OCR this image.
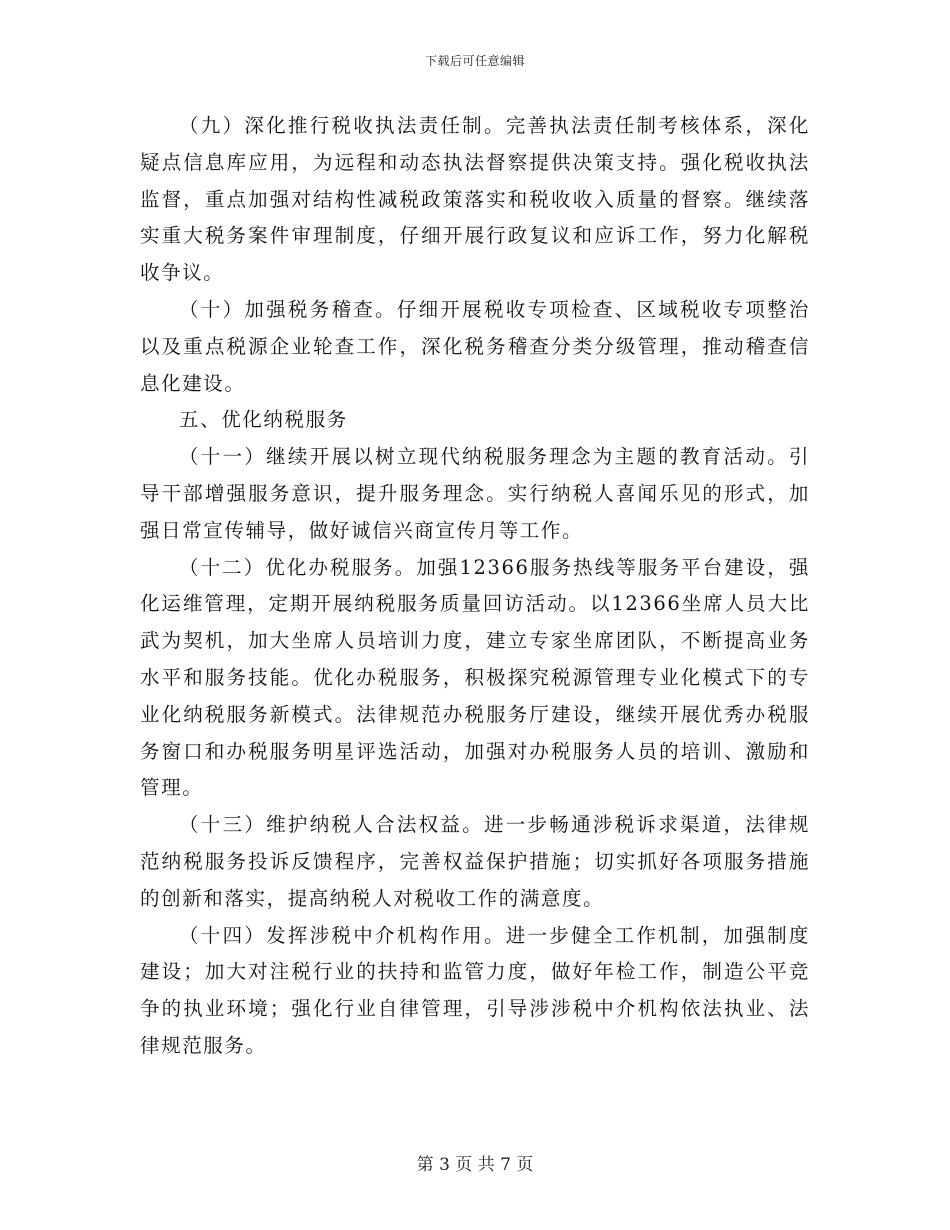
下载后可任意编辑

（九）深化推行税收执法责任制。完善执法责任制考核体系，深化疑点信息库应用，为远程和动态执法督察提供决策支持。强化税收执法监督，重点加强对结构性减税政策落实和税收收入质量的督察。继续落实重大税务案件审理制度，仔细开展行政复议和应诉工作，努力化解税收争议。

（十）加强税务稽查。仔细开展税收专项检查、区域税收专项整治以及重点税源企业轮查工作，深化税务稽查分类分级管理，推动稽查信息化建设。

五、优化纳税服务

（十一）继续开展以树立现代纳税服务理念为主题的教育活动。引导干部增强服务意识，提升服务理念。实行纳税人喜闻乐见的形式，加强日常宣传辅导，做好诚信兴商宣传月等工作。

（十二）优化办税服务。加强12366服务热线等服务平台建设，强化运维管理，定期开展纳税服务质量回访活动。以12366坐席人员大比武为契机，加大坐席人员培训力度，建立专家坐席团队，不断提高业务水平和服务技能。优化办税服务，积极探究税源管理专业化模式下的专业化纳税服务新模式。法律规范办税服务厅建设，继续开展优秀办税服务窗口和办税服务明星评选活动，加强对办税服务人员的培训、激励和管理。

（十三）维护纳税人合法权益。进一步畅通涉税诉求渠道，法律规范纳税服务投诉反馈程序，完善权益保护措施；切实抓好各项服务措施的创新和落实，提高纳税人对税收工作的满意度。

（十四）发挥涉税中介机构作用。进一步健全工作机制，加强制度建设；加大对注税行业的扶持和监管力度，做好年检工作，制造公平竞争的执业环境；强化行业自律管理，引导涉涉税中介机构依法执业、法律规范服务。

第 3 页 共 7 页
